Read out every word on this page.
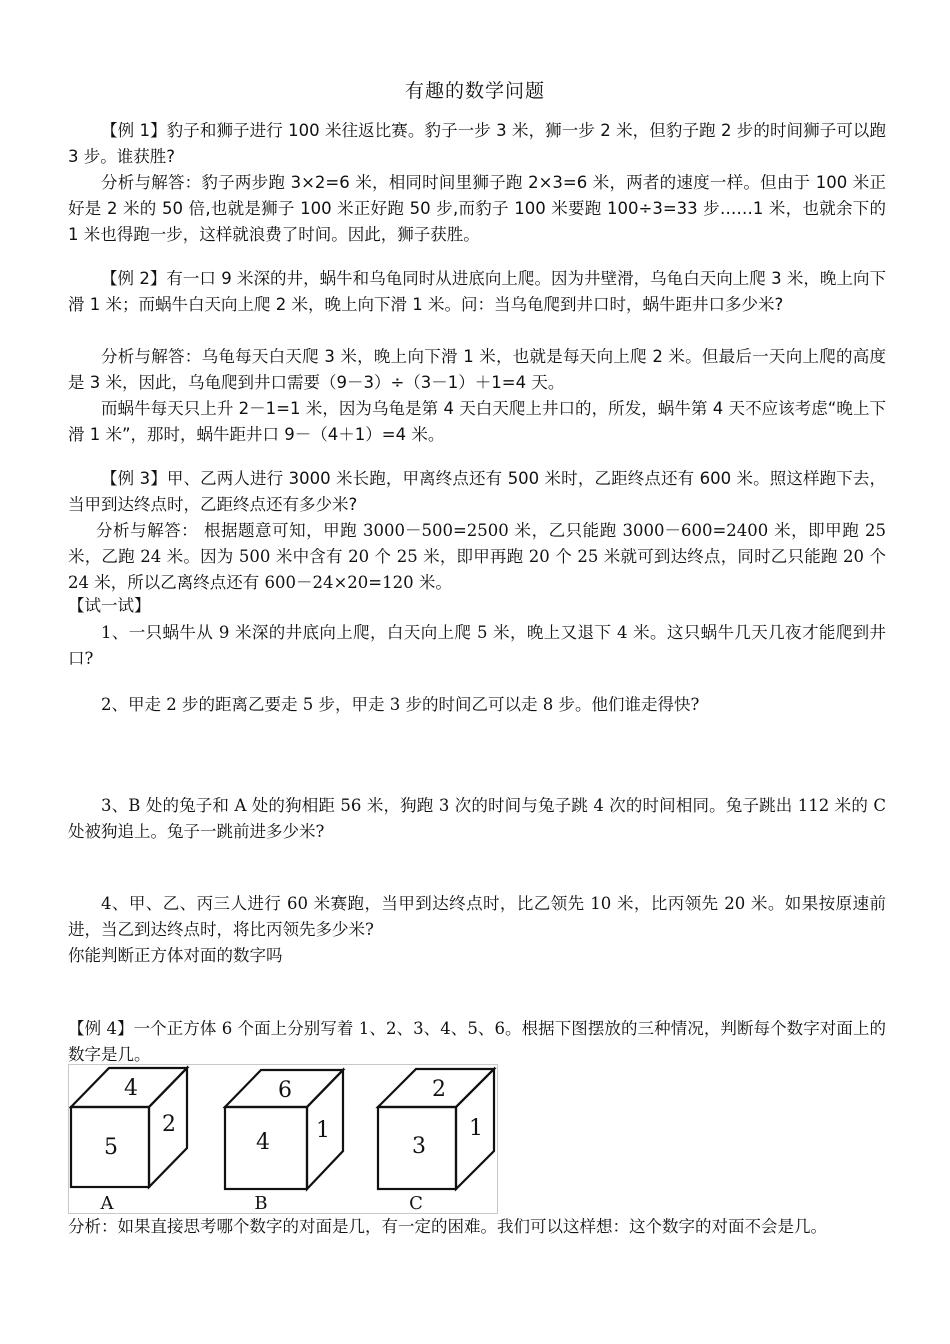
有趣的数学问题

【例 1】豹子和狮子进行 100 米往返比赛。豹子一步 3 米，狮一步 2 米，但豹子跑 2 步的时间狮子可以跑 3 步。谁获胜?

分析与解答：豹子两步跑 3×2=6 米，相同时间里狮子跑 2×3=6 米，两者的速度一样。但由于 100 米正好是 2 米的 50 倍,也就是狮子 100 米正好跑 50 步,而豹子 100 米要跑 100÷3=33 步……1 米，也就余下的 1 米也得跑一步，这样就浪费了时间。因此，狮子获胜。

【例 2】有一口 9 米深的井，蜗牛和乌龟同时从进底向上爬。因为井壁滑，乌龟白天向上爬 3 米，晚上向下滑 1 米；而蜗牛白天向上爬 2 米，晚上向下滑 1 米。问：当乌龟爬到井口时，蜗牛距井口多少米?

分析与解答：乌龟每天白天爬 3 米，晚上向下滑 1 米，也就是每天向上爬 2 米。但最后一天向上爬的高度是 3 米，因此，乌龟爬到井口需要（9－3）÷（3－1）＋1=4 天。

而蜗牛每天只上升 2－1=1 米，因为乌龟是第 4 天白天爬上井口的，所发，蜗牛第 4 天不应该考虑“晚上下滑 1 米”，那时，蜗牛距井口 9－（4＋1）=4 米。

【例 3】甲、乙两人进行 3000 米长跑，甲离终点还有 500 米时，乙距终点还有 600 米。照这样跑下去，当甲到达终点时，乙距终点还有多少米?

分析与解答： 根据题意可知，甲跑 3000－500=2500 米，乙只能跑 3000－600=2400 米，即甲跑 25 米，乙跑 24 米。因为 500 米中含有 20 个 25 米，即甲再跑 20 个 25 米就可到达终点，同时乙只能跑 20 个 24 米，所以乙离终点还有 600－24×20=120 米。

【试一试】

1、一只蜗牛从 9 米深的井底向上爬，白天向上爬 5 米，晚上又退下 4 米。这只蜗牛几天几夜才能爬到井口?

2、甲走 2 步的距离乙要走 5 步，甲走 3 步的时间乙可以走 8 步。他们谁走得快?

3、B 处的兔子和 A 处的狗相距 56 米，狗跑 3 次的时间与兔子跳 4 次的时间相同。兔子跳出 112 米的 C 处被狗追上。兔子一跳前进多少米?

4、甲、乙、丙三人进行 60 米赛跑，当甲到达终点时，比乙领先 10 米，比丙领先 20 米。如果按原速前进，当乙到达终点时，将比丙领先多少米?

你能判断正方体对面的数字吗

【例 4】一个正方体 6 个面上分别写着 1、2、3、4、5、6。根据下图摆放的三种情况，判断每个数字对面上的数字是几。

4
5
2
A
6
4 1
B
2
3
1
C

分析：如果直接思考哪个数字的对面是几，有一定的困难。我们可以这样想：这个数字的对面不会是几。
